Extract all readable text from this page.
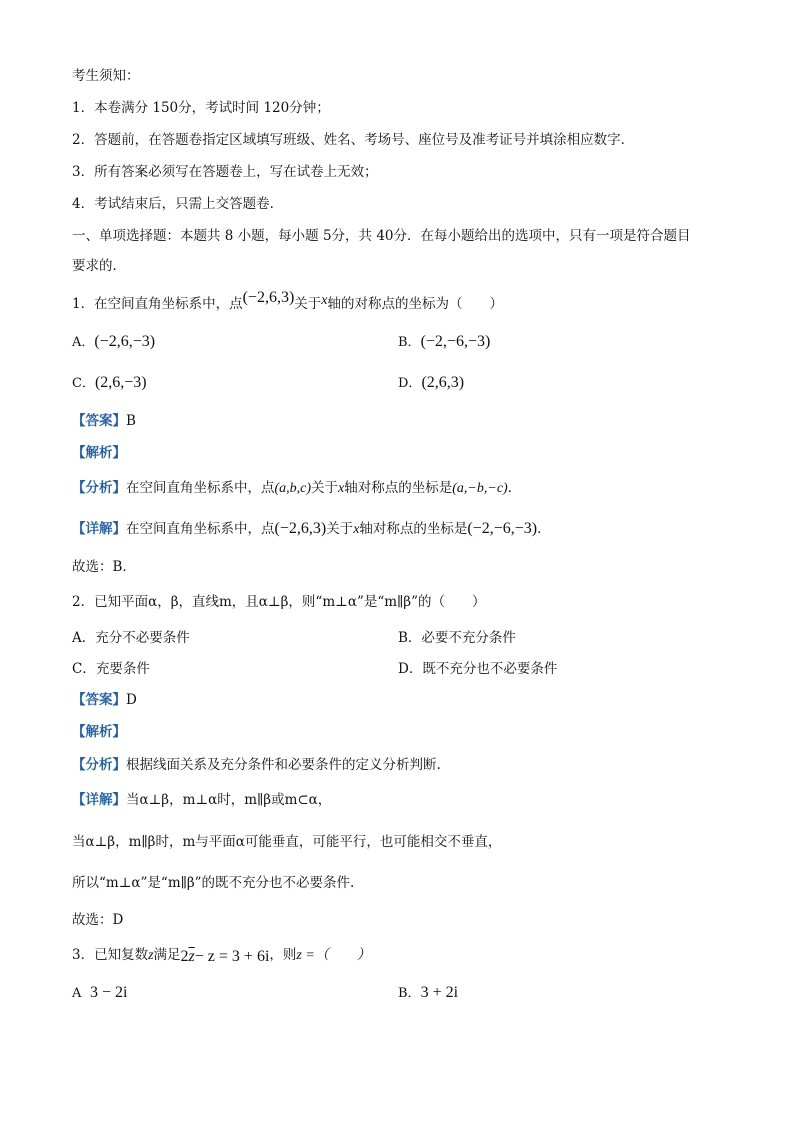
考生须知：
1．本卷满分 150分，考试时间 120分钟；
2．答题前，在答题卷指定区域填写班级、姓名、考场号、座位号及准考证号并填涂相应数字．
3．所有答案必须写在答题卷上，写在试卷上无效；
4．考试结束后，只需上交答题卷．
一、单项选择题：本题共 8 小题，每小题 5分，共 40分．在每小题给出的选项中，只有一项是符合题目
要求的．
1．在空间直角坐标系中，点(−2,6,3)关于x轴的对称点的坐标为（　　）
A．(−2,6,−3)	B．(−2,−6,−3)
C．(2,6,−3)	D．(2,6,3)
【答案】B
【解析】
【分析】在空间直角坐标系中，点(a,b,c)关于x轴对称点的坐标是(a,−b,−c)．
【详解】在空间直角坐标系中，点(−2,6,3)关于x轴对称点的坐标是(−2,−6,−3)．
故选：B．
2．已知平面α，β，直线m，且α⊥β，则“m⊥α”是“m∥β”的（　　）
A．充分不必要条件	B．必要不充分条件
C．充要条件	D．既不充分也不必要条件
【答案】D
【解析】
【分析】根据线面关系及充分条件和必要条件的定义分析判断.
【详解】当α⊥β，m⊥α时，m∥β或m⊂α，
当α⊥β，m∥β时，m与平面α可能垂直，可能平行，也可能相交不垂直，
所以“m⊥α”是“m∥β”的既不充分也不必要条件.
故选：D
3．已知复数z满足$2\overline{z}- z = 3 + 6i$，则z =（　　）
A 3 − 2i	B．3 + 2i
